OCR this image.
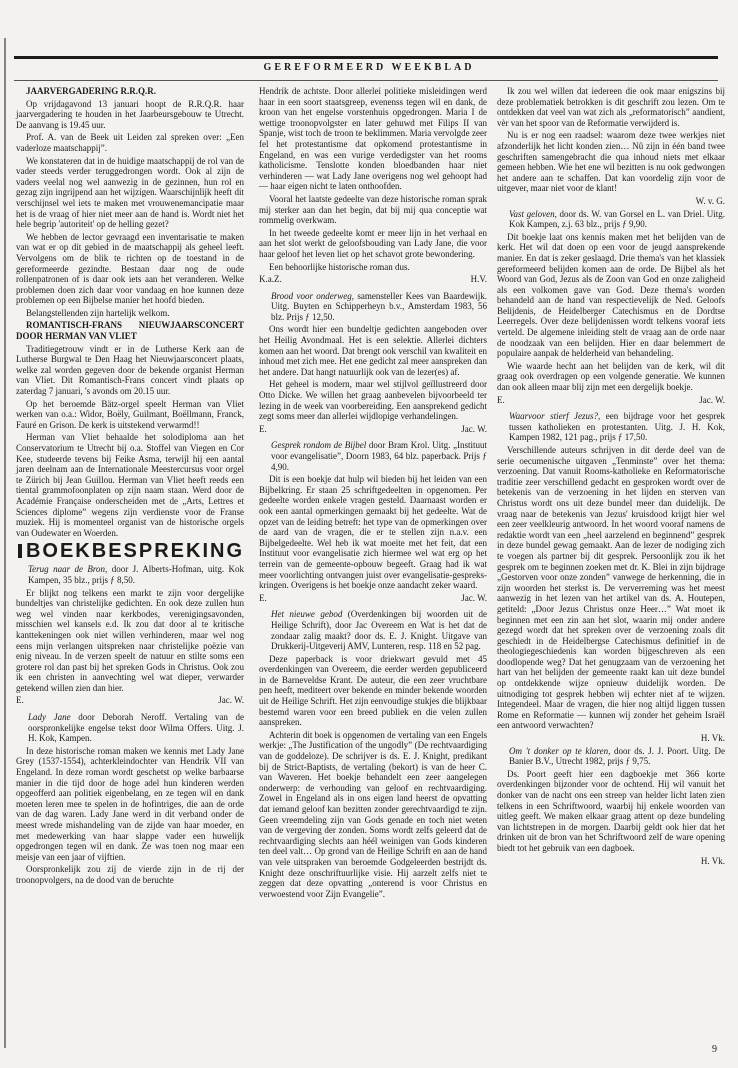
GEREFORMEERD WEEKBLAD

JAARVERGADERING R.R.Q.R.

Op vrijdagavond 13 januari hoopt de R.R.Q.R. haar jaarvergadering te houden in het Jaarbeursgebouw te Utrecht. De aanvang is 19.45 uur.

Prof. A. van de Beek uit Leiden zal spreken over: „Een vaderloze maatschappij”.

We konstateren dat in de huidige maatschappij de rol van de vader steeds verder teruggedrongen wordt. Ook al zijn de vaders veelal nog wel aanwezig in de gezinnen, hun rol en gezag zijn ingrijpend aan het wijzigen. Waarschijnlijk heeft dit verschijnsel wel iets te maken met vrouwenemancipatie maar het is de vraag of hier niet meer aan de hand is. Wordt niet het hele begrip 'autoriteit' op de helling gezet?

We hebben de lector gevraagd een inventarisatie te maken van wat er op dit gebied in de maatschappij als geheel leeft. Vervolgens om de blik te richten op de toestand in de gereformeerde gezindte. Bestaan daar nog de oude rollenpatronen of is daar ook iets aan het veranderen. Welke problemen doen zich daar voor vandaag en hoe kunnen deze problemen op een Bijbelse manier het hoofd bieden.

Belangstellenden zijn hartelijk welkom.

ROMANTISCH-FRANS NIEUWJAARSCONCERT DOOR HERMAN VAN VLIET

Traditiegetrouw vindt er in de Lutherse Kerk aan de Lutherse Burgwal te Den Haag het Nieuwjaarsconcert plaats, welke zal worden gegeven door de bekende organist Herman van Vliet. Dit Romantisch-Frans concert vindt plaats op zaterdag 7 januari, 's avonds om 20.15 uur.

Op het beroemde Bätz-orgel speelt Herman van Vliet werken van o.a.: Widor, Boëly, Guilmant, Boëllmann, Franck, Fauré en Grison. De kerk is uitstekend verwarmd!!

Herman van Vliet behaalde het solodiploma aan het Conservatorium te Utrecht bij o.a. Stoffel van Viegen en Cor Kee, studeerde tevens bij Feike Asma, terwijl hij een aantal jaren deelnam aan de Internationale Meestercursus voor orgel te Zürich bij Jean Guillou. Herman van Vliet heeft reeds een tiental grammofoonplaten op zijn naam staan. Werd door de Académie Française onderscheiden met de „Arts, Lettres et Sciences diplome” wegens zijn verdienste voor de Franse muziek. Hij is momenteel organist van de historische orgels van Oudewater en Woerden.

BOEKBESPREKING

Terug naar de Bron, door J. Alberts-Hofman, uitg. Kok Kampen, 35 blz., prijs ƒ 8,50.

Er blijkt nog telkens een markt te zijn voor dergelijke bundeltjes van christelijke gedichten. En ook deze zullen hun weg wel vinden naar kerkbodes, verenigingsavonden, misschien wel kansels e.d. Ik zou dat door al te kritische kanttekeningen ook niet willen verhinderen, maar wel nog eens mijn verlangen uitspreken naar christelijke poëzie van enig niveau. In de verzen speelt de natuur en stilte soms een grotere rol dan past bij het spreken Gods in Christus. Ook zou ik een christen in aanvechting wel wat dieper, verwarder getekend willen zien dan hier.

E.	Jac. W.

Lady Jane door Deborah Neroff. Vertaling van de oorspronkelijke engelse tekst door Wilma Offers. Uitg. J. H. Kok, Kampen.

In deze historische roman maken we kennis met Lady Jane Grey (1537-1554), achterkleindochter van Hendrik VII van Engeland. In deze roman wordt geschetst op welke barbaarse manier in die tijd door de hoge adel hun kinderen werden opgeofferd aan politiek eigenbelang, en ze tegen wil en dank moeten leren mee te spelen in de hofintriges, die aan de orde van de dag waren. Lady Jane werd in dit verband onder de meest wrede mishandeling van de zijde van haar moeder, en met medewerking van haar slappe vader een huwelijk opgedrongen tegen wil en dank. Ze was toen nog maar een meisje van een jaar of vijftien.

Oorspronkelijk zou zij de vierde zijn in de rij der troonopvolgers, na de dood van de beruchte

Hendrik de achtste. Door allerlei politieke misleidingen werd haar in een soort staatsgreep, evenenss tegen wil en dank, de kroon van het engelse vorstenhuis opgedrongen. Maria I de wettige troonopvolgster en later gehuwd met Filips II van Spanje, wist toch de troon te beklimmen. Maria vervolgde zeer fel het protestantisme dat opkomend protestantisme in Engeland, en was een vurige verdedigster van het rooms katholicisme. Tenslotte konden bloedbanden haar niet verhinderen — wat Lady Jane overigens nog wel gehoopt had — haar eigen nicht te laten onthoofden.

Vooral het laatste gedeelte van deze historische roman sprak mij sterker aan dan het begin, dat bij mij qua conceptie wat rommelig overkwam.

In het tweede gedeelte komt er meer lijn in het verhaal en aan het slot werkt de geloofsbouding van Lady Jane, die voor haar geloof het leven liet op het schavot grote bewondering.

Een behoorlijke historische roman dus.

K.a.Z.	H.V.

Brood voor onderweg, samensteller Kees van Baardewijk. Uitg. Buyten en Schipperheyn b.v., Amsterdam 1983, 56 blz. Prijs ƒ 12,50.

Ons wordt hier een bundeltje gedichten aangeboden over het Heilig Avondmaal. Het is een selektie. Allerlei dichters komen aan het woord. Dat brengt ook verschil van kwaliteit en inhoud met zich mee. Het ene gedicht zal meer aanspreken dan het andere. Dat hangt natuurlijk ook van de lezer(es) af.

Het geheel is modern, maar wel stijlvol geïllustreerd door Otto Dicke. We willen het graag aanbevelen bijvoorbeeld ter lezing in de week van voorbereiding. Een aansprekend gedicht zegt soms meer dan allerlei wijdlopige verhandelingen.

E.	Jac. W.

Gesprek rondom de Bijbel door Bram Krol. Uitg. „Instituut voor evangelisatie”, Doorn 1983, 64 blz. paperback. Prijs ƒ 4,90.

Dit is een boekje dat hulp wil bieden bij het leiden van een Bijbelkring. Er staan 25 schriftgedeelten in opgenomen. Per gedeelte worden enkele vragen gesteld. Daarnaast worden er ook een aantal opmerkingen gemaakt bij het gedeelte. Wat de opzet van de leiding betreft: het type van de opmerkingen over de aard van de vragen, die er te stellen zijn n.a.v. een Bijbelgedeelte. Wel heb ik wat moeite met het feit, dat een Instituut voor evangelisatie zich hiermee wel wat erg op het terrein van de gemeente-opbouw begeeft. Graag had ik wat meer voorlichting ontvangen juist over evangelisatie-gesprekskringen. Overigens is het boekje onze aandacht zeker waard.

E.	Jac. W.

Het nieuwe gebod (Overdenkingen bij woorden uit de Heilige Schrift), door Jac Overeem en Wat is het dat de zondaar zalig maakt? door ds. E. J. Knight. Uitgave van Drukkerij-Uitgeverij AMV, Lunteren, resp. 118 en 52 pag.

Deze paperback is voor driekwart gevuld met 45 overdenkingen van Overeem, die eerder werden gepubliceerd in de Barneveldse Krant. De auteur, die een zeer vruchtbare pen heeft, mediteert over bekende en minder bekende woorden uit de Heilige Schrift. Het zijn eenvoudige stukjes die blijkbaar bestemd waren voor een breed publiek en die velen zullen aanspreken.

Achterin dit boek is opgenomen de vertaling van een Engels werkje: „The Justification of the ungodly” (De rechtvaardiging van de goddeloze). De schrijver is ds. E. J. Knight, predikant bij de Strict-Baptists, de vertaling (bekort) is van de heer C. van Waveren. Het boekje behandelt een zeer aangelegen onderwerp: de verhouding van geloof en rechtvaardiging. Zowel in Engeland als in ons eigen land heerst de opvatting dat iemand geloof kan bezitten zonder gerechtvaardigd te zijn. Geen vreemdeling zijn van Gods genade en toch niet weten van de vergeving der zonden. Soms wordt zelfs geleerd dat de rechtvaardiging slechts aan héél weinigen van Gods kinderen ten deel valt… Op grond van de Heilige Schrift en aan de hand van vele uitspraken van beroemde Godgeleerden bestrijdt ds. Knight deze onschriftuurlijke visie. Hij aarzelt zelfs niet te zeggen dat deze opvatting „onterend is voor Christus en verwoestend voor Zijn Evangelie”.

Ik zou wel willen dat iedereen die ook maar enigszins bij deze problematiek betrokken is dit geschrift zou lezen. Om te ontdekken dat veel van wat zich als „reformatorisch” aandient, vèr van het spoor van de Reformatie verwijderd is.

Nu is er nog een raadsel: waarom deze twee werkjes niet afzonderlijk het licht konden zien… Nû zijn in één band twee geschriften samengebracht die qua inhoud niets met elkaar gemeen hebben. Wie het ene wil bezitten is nu ook gedwongen het andere aan te schaffen. Dat kan voordelig zijn voor de uitgever, maar niet voor de klant!

W. v. G.

Vast geloven, door ds. W. van Gorsel en L. van Driel. Uitg. Kok Kampen, z.j. 63 blz., prijs ƒ 9,90.

Dit boekje laat ons kennis maken met het belijden van de kerk. Het wil dat doen op een voor de jeugd aansprekende manier. En dat is zeker geslaagd. Drie thema's van het klassiek gereformeerd belijden komen aan de orde. De Bijbel als het Woord van God, Jezus als de Zoon van God en onze zaligheid als een volkomen gave van God. Deze thema's worden behandeld aan de hand van respectievelijk de Ned. Geloofs Belijdenis, de Heidelberger Catechismus en de Dordtse Leerregels. Over deze belijdenissen wordt telkens vooraf iets verteld. De algemene inleiding stelt de vraag aan de orde naar de noodzaak van een belijden. Hier en daar belemmert de populaire aanpak de helderheid van behandeling.

Wie waarde hecht aan het belijden van de kerk, wil dit graag ook overdragen op een volgende generatie. We kunnen dan ook alleen maar blij zijn met een dergelijk boekje.

E.	Jac. W.

Waarvoor stierf Jezus?, een bijdrage voor het gesprek tussen katholieken en protestanten. Uitg. J. H. Kok, Kampen 1982, 121 pag., prijs ƒ 17,50.

Verschillende auteurs schrijven in dit derde deel van de serie oecumenische uitgaven „Tenminste” over het thema: verzoening. Dat vanuit Rooms-katholieke en Reformatorische traditie zeer verschillend gedacht en gesproken wordt over de betekenis van de verzoening in het lijden en sterven van Christus wordt ons uit deze bundel meer dan duidelijk. De vraag naar de betekenis van Jezus' kruisdood krijgt hier wel een zeer veelkleurig antwoord. In het woord vooraf namens de redaktie wordt van een „heel aarzelend en beginnend” gesprek in deze bundel gewag gemaakt. Aan de lezer de nodiging zich te voegen als partner bij dit gesprek. Persoonlijk zou ik het gesprek om te beginnen zoeken met dr. K. Blei in zijn bijdrage „Gestorven voor onze zonden” vanwege de herkenning, die in zijn woorden het sterkst is. De ververreming was het meest aanwezig in het lezen van het artikel van ds. A. Houtepen, getiteld: „Door Jezus Christus onze Heer…” Wat moet ik beginnen met een zin aan het slot, waarin mij onder andere gezegd wordt dat het spreken over de verzoening zoals dit geschiedt in de Heidelbergse Catechismus definitief in de theologiegeschiedenis kan worden bijgeschreven als een doodlopende weg? Dat het genugzaam van de verzoening het hart van het belijden der gemeente raakt kan uit deze bundel op ontdekkende wijze opnieuw duidelijk worden. De uitnodiging tot gesprek hebben wij echter niet af te wijzen. Integendeel. Maar de vragen, die hier nog altijd liggen tussen Rome en Reformatie — kunnen wij zonder het geheim Israël een antwoord verwachten?

H. Vk.

Om 't donker op te klaren, door ds. J. J. Poort. Uitg. De Banier B.V., Utrecht 1982, prijs ƒ 9,75.

Ds. Poort geeft hier een dagboekje met 366 korte overdenkingen bijzonder voor de ochtend. Hij wil vanuit het donker van de nacht ons een streep van helder licht laten zien telkens in een Schriftwoord, waarbij hij enkele woorden van uitleg geeft. We maken elkaar graag attent op deze bundeling van lichtstrepen in de morgen. Daarbij geldt ook hier dat het drinken uit de bron van het Schriftwoord zelf de ware opening biedt tot het gebruik van een dagboek.

H. Vk.

9
